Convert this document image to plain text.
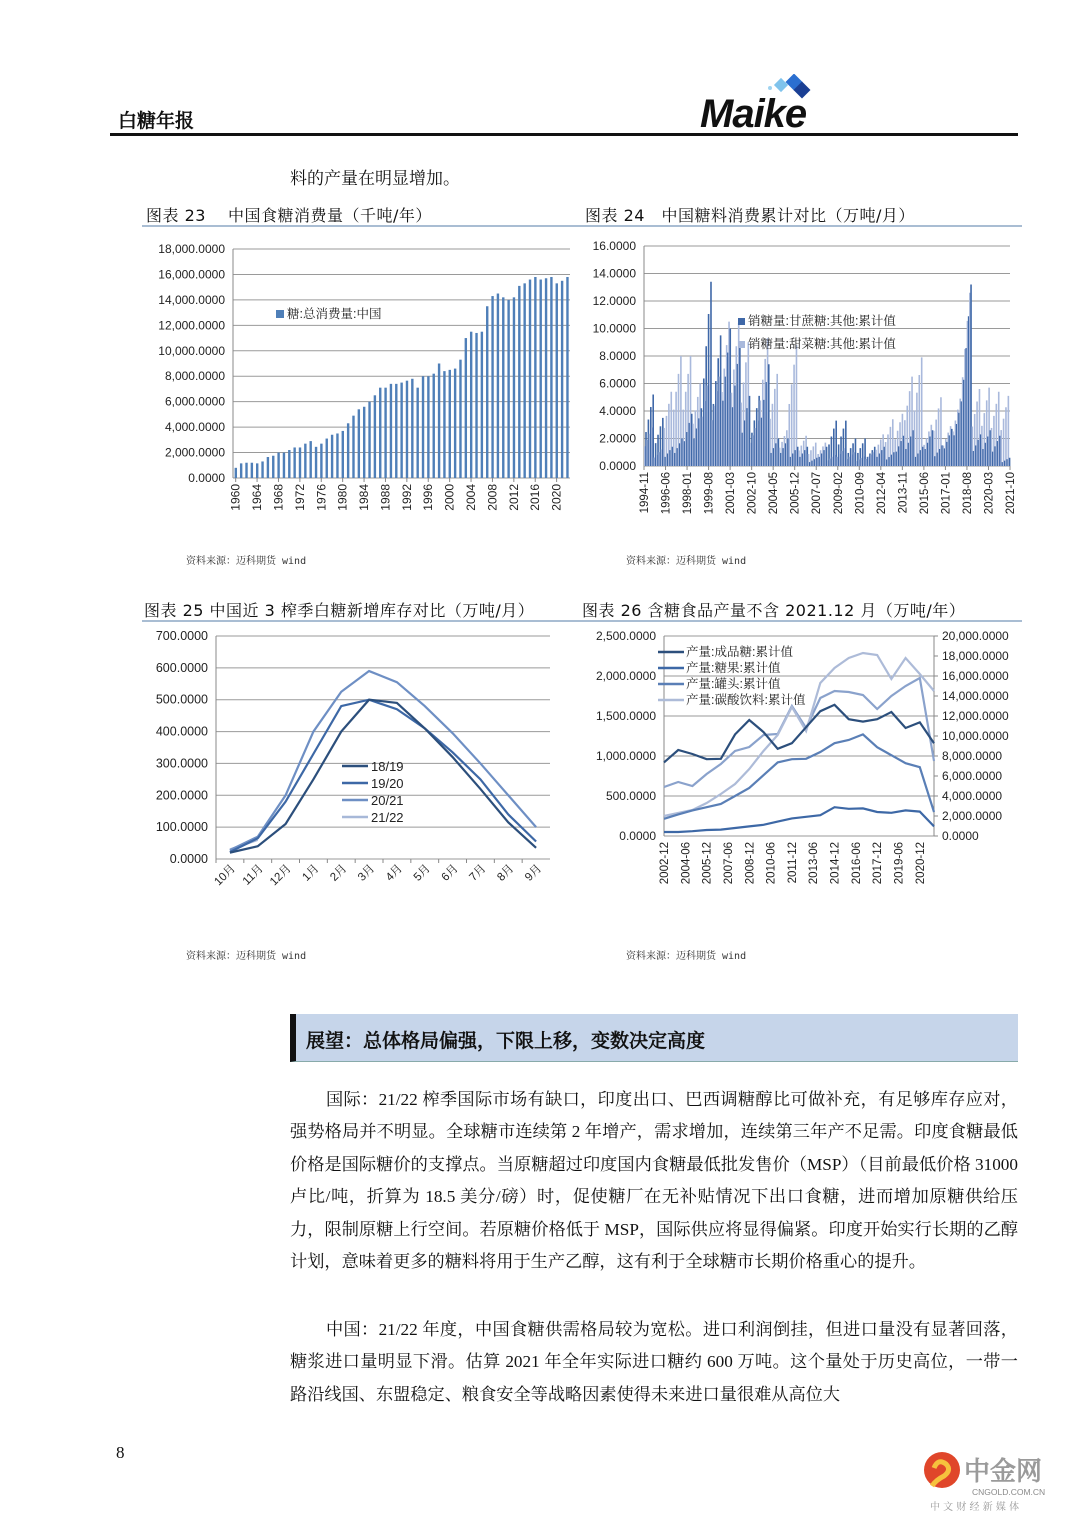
白糖年报	Maike
料的产量在明显增加。
图表 23　 中国食糖消费量（千吨/年）
18,000.0000
16,000.0000
14,000.0000
12,000.0000
10,000.0000
8,000.0000
6,000.0000
4,000.0000
2,000.0000
0.0000
1960 1964 1968 1972 1976 1980 1984 1988 1992 1996 2000 2004 2008 2012 2016 2020
糖:总消费量:中国
资料来源：迈科期货 wind
图表 24　中国糖料消费累计对比（万吨/月）
16.0000
14.0000
12.0000
10.0000
8.0000
6.0000
4.0000
2.0000
0.0000
1994-11 1996-06 1998-01 1999-08 2001-03 2002-10 2004-05 2005-12 2007-07 2009-02 2010-09 2012-04 2013-11 2015-06 2017-01 2018-08 2020-03 2021-10
销糖量:甘蔗糖:其他:累计值
销糖量:甜菜糖:其他:累计值
资料来源：迈科期货 wind
图表 25 中国近 3 榨季白糖新增库存对比（万吨/月）	图表 26 含糖食品产量不含 2021.12 月（万吨/年）
700.0000
600.0000
500.0000
400.0000
300.0000
200.0000
100.0000
0.0000
10月 11月 12月 1月 2月 3月 4月 5月 6月 7月 8月 9月
18/19
19/20
20/21
21/22
资料来源：迈科期货 wind
2,500.0000
2,000.0000
1,500.0000
1,000.0000
500.0000
0.0000
20,000.0000
18,000.0000
16,000.0000
14,000.0000
12,000.0000
10,000.0000
8,000.0000
6,000.0000
4,000.0000
2,000.0000
0.0000
2002-12 2004-06 2005-12 2007-06 2008-12 2010-06 2011-12 2013-06 2014-12 2016-06 2017-12 2019-06 2020-12
产量:成品糖:累计值
产量:糖果:累计值
产量:罐头:累计值
产量:碳酸饮料:累计值
资料来源：迈科期货 wind
展望：总体格局偏强，下限上移，变数决定高度
国际：21/22 榨季国际市场有缺口，印度出口、巴西调糖醇比可做补充，有足够库存应对，强势格局并不明显。全球糖市连续第 2 年增产，需求增加，连续第三年产不足需。印度食糖最低价格是国际糖价的支撑点。当原糖超过印度国内食糖最低批发售价（MSP）（目前最低价格 31000 卢比/吨，折算为 18.5 美分/磅）时，促使糖厂在无补贴情况下出口食糖，进而增加原糖供给压力，限制原糖上行空间。若原糖价格低于 MSP，国际供应将显得偏紧。印度开始实行长期的乙醇计划，意味着更多的糖料将用于生产乙醇，这有利于全球糖市长期价格重心的提升。
中国：21/22 年度，中国食糖供需格局较为宽松。进口利润倒挂，但进口量没有显著回落，糖浆进口量明显下滑。估算 2021 年全年实际进口糖约 600 万吨。这个量处于历史高位，一带一路沿线国、东盟稳定、粮食安全等战略因素使得未来进口量很难从高位大
8
中金网
CNGOLD.COM.CN
中 文 财 经 新 媒 体
